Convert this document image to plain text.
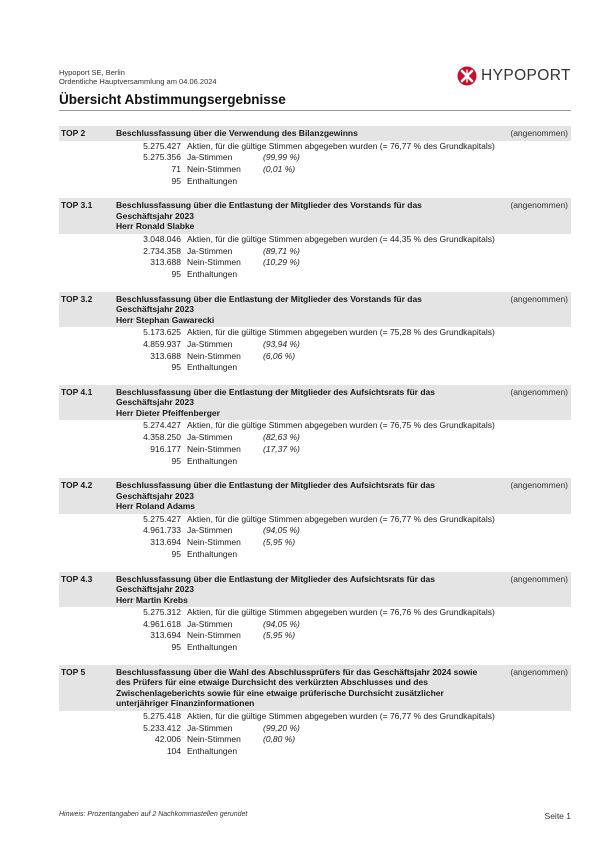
Hypoport SE, Berlin
Ordentliche Hauptversammlung am 04.06.2024	HYPOPORT
Übersicht Abstimmungsergebnisse
TOP 2	Beschlussfassung über die Verwendung des Bilanzgewinns	(angenommen)
5.275.427	Aktien, für die gültige Stimmen abgegeben wurden (= 76,77 % des Grundkapitals)	
5.275.356	Ja-Stimmen	(99,99 %)
71	Nein-Stimmen	(0,01 %)
95	Enthaltungen	
TOP 3.1	Beschlussfassung über die Entlastung der Mitglieder des Vorstands für das Geschäftsjahr 2023
Herr Ronald Slabke
(angenommen)
3.048.046	Aktien, für die gültige Stimmen abgegeben wurden (= 44,35 % des Grundkapitals)	
2.734.358	Ja-Stimmen	(89,71 %)
313.688	Nein-Stimmen	(10,29 %)
95	Enthaltungen	
TOP 3.2	Beschlussfassung über die Entlastung der Mitglieder des Vorstands für das Geschäftsjahr 2023
Herr Stephan Gawarecki
(angenommen)
5.173.625	Aktien, für die gültige Stimmen abgegeben wurden (= 75,28 % des Grundkapitals)	
4.859.937	Ja-Stimmen	(93,94 %)
313.688	Nein-Stimmen	(6,06 %)
95	Enthaltungen	
TOP 4.1	Beschlussfassung über die Entlastung der Mitglieder des Aufsichtsrats für das Geschäftsjahr 2023
Herr Dieter Pfeiffenberger
(angenommen)
5.274.427	Aktien, für die gültige Stimmen abgegeben wurden (= 76,75 % des Grundkapitals)	
4.358.250	Ja-Stimmen	(82,63 %)
916.177	Nein-Stimmen	(17,37 %)
95	Enthaltungen	
TOP 4.2	Beschlussfassung über die Entlastung der Mitglieder des Aufsichtsrats für das Geschäftsjahr 2023
Herr Roland Adams
(angenommen)
5.275.427	Aktien, für die gültige Stimmen abgegeben wurden (= 76,77 % des Grundkapitals)	
4.961.733	Ja-Stimmen	(94,05 %)
313.694	Nein-Stimmen	(5,95 %)
95	Enthaltungen	
TOP 4.3	Beschlussfassung über die Entlastung der Mitglieder des Aufsichtsrats für das Geschäftsjahr 2023
Herr Martin Krebs
(angenommen)
5.275.312	Aktien, für die gültige Stimmen abgegeben wurden (= 76,76 % des Grundkapitals)	
4.961.618	Ja-Stimmen	(94,05 %)
313.694	Nein-Stimmen	(5,95 %)
95	Enthaltungen	
TOP 5	Beschlussfassung über die Wahl des Abschlussprüfers für das Geschäftsjahr 2024 sowie des Prüfers für eine etwaige Durchsicht des verkürzten Abschlusses und des Zwischenlageberichts sowie für eine etwaige prüferische Durchsicht zusätzlicher unterjähriger Finanzinformationen
(angenommen)
5.275.418	Aktien, für die gültige Stimmen abgegeben wurden (= 76,77 % des Grundkapitals)	
5.233.412	Ja-Stimmen	(99,20 %)
42.006	Nein-Stimmen	(0,80 %)
104	Enthaltungen	
Hinweis: Prozentangaben auf 2 Nachkommastellen gerundet	Seite 1
